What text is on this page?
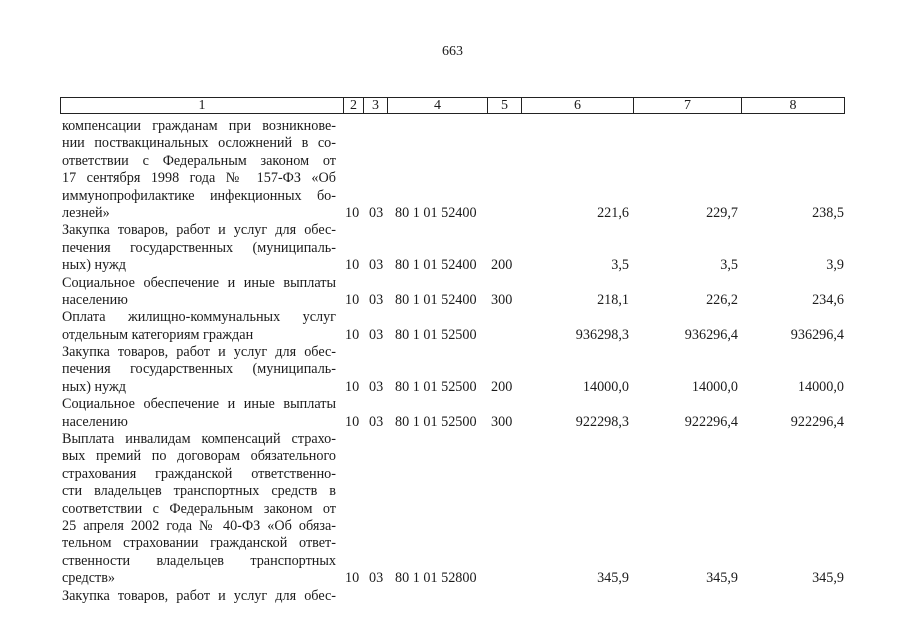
663
1	2	3	4	5	6	7	8
компенсации гражданам при возникнове-
нии поствакцинальных осложнений в со-
ответствии с Федеральным законом от
17 сентября 1998 года № 157-ФЗ «Об
иммунопрофилактике инфекционных бо-
лезней»	10 03 80 1 01 52400	221,6	229,7	238,5
Закупка товаров, работ и услуг для обес-
печения государственных (муниципаль-
ных) нужд	10 03 80 1 01 52400 200	3,5	3,5	3,9
Социальное обеспечение и иные выплаты
населению	10 03 80 1 01 52400 300	218,1	226,2	234,6
Оплата жилищно-коммунальных услуг
отдельным категориям граждан	10 03 80 1 01 52500	936298,3	936296,4	936296,4
Закупка товаров, работ и услуг для обес-
печения государственных (муниципаль-
ных) нужд	10 03 80 1 01 52500 200	14000,0	14000,0	14000,0
Социальное обеспечение и иные выплаты
населению	10 03 80 1 01 52500 300	922298,3	922296,4	922296,4
Выплата инвалидам компенсаций страхо-
вых премий по договорам обязательного
страхования гражданской ответственно-
сти владельцев транспортных средств в
соответствии с Федеральным законом от
25 апреля 2002 года № 40-ФЗ «Об обяза-
тельном страховании гражданской ответ-
ственности владельцев транспортных
средств»	10 03 80 1 01 52800	345,9	345,9	345,9
Закупка товаров, работ и услуг для обес-
